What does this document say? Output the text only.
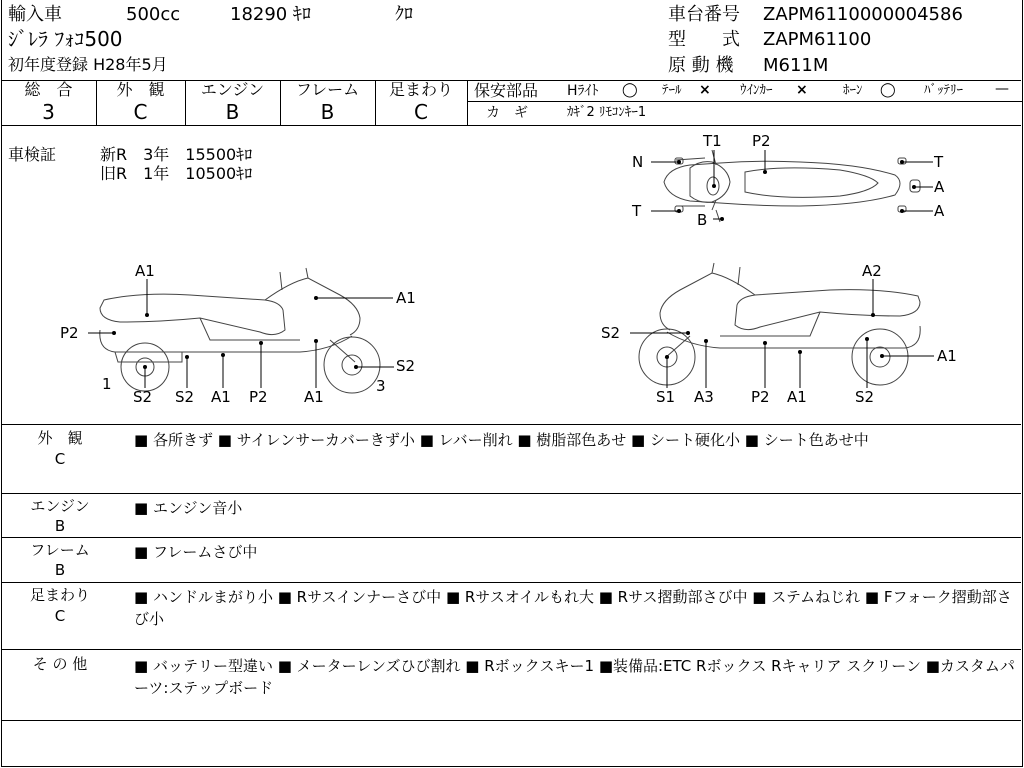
輸入車	500cc	18290 ｷﾛ	ｸﾛ
ｼﾞﾚﾗ ﾌｫｺ500
初年度登録 H28年5月
車台番号 ZAPM6110000004586
型　　式 ZAPM61100
原 動 機 M611M
総　合
3
外　観
C
エンジン
B
フレーム
B
足まわり
C
保安部品 Hﾗｲﾄ ◯ ﾃｰﾙ × ｳｲﾝｶｰ ×	ﾎｰﾝ ◯ ﾊﾞｯﾃﾘｰ —
カ　ギ	ｶｷﾞ2 ﾘﾓｺﾝｷｰ1
車検証	新R　3年　15500ｷﾛ
旧R　1年　10500ｷﾛ
N
T1 P2
T
A
A
T	B
A1
A1
P2
S2
1	3
S2 S2 A1 P2 A1
A2
S2
A1
S1 A3 P2 A1	S2
外　観
C
■ 各所きず ■ サイレンサーカバーきず小 ■ レバー削れ ■ 樹脂部色あせ ■ シート硬化小 ■ シート色あせ中
エンジン
B
■ エンジン音小
フレーム
B
■ フレームさび中
足まわり
C
■ ハンドルまがり小 ■ Rサスインナーさび中 ■ Rサスオイルもれ大 ■ Rサス摺動部さび中 ■ ステムねじれ ■ Fフォーク摺動部さび小
そ の 他	■ バッテリー型違い ■ メーターレンズひび割れ ■ Rボックスキー1 ■装備品:ETC Rボックス Rキャリア スクリーン ■カスタムパーツ:ステップボード
